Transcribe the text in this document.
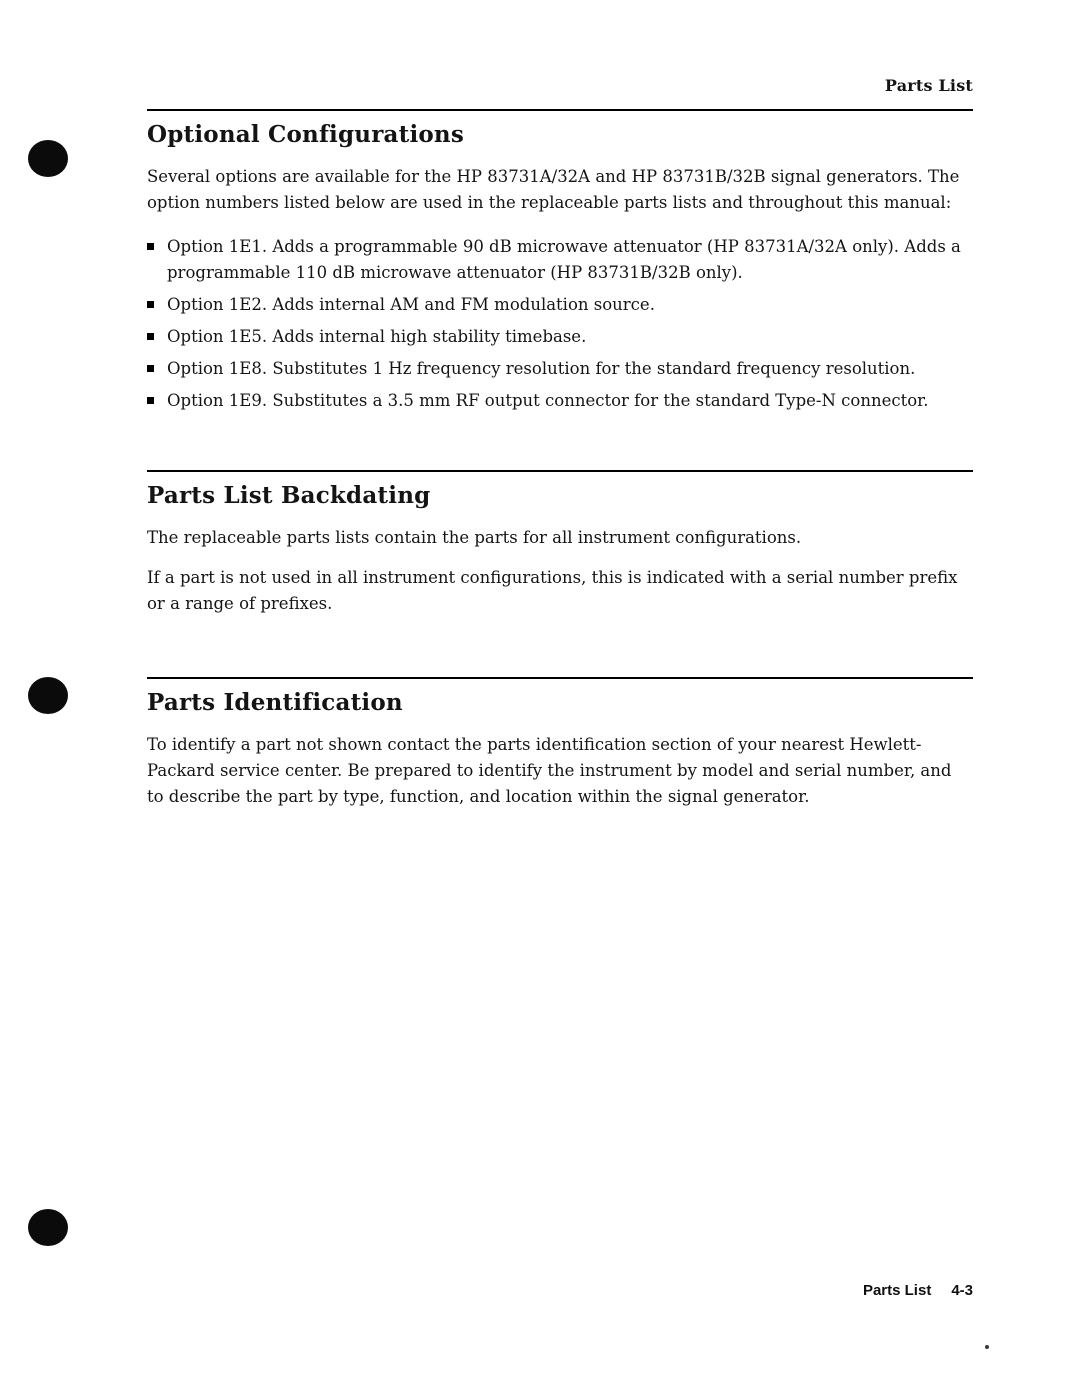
Parts List
Optional Configurations

Several options are available for the HP 83731A/32A and HP 83731B/32B signal generators. The option numbers listed below are used in the replaceable parts lists and throughout this manual:

Option 1E1. Adds a programmable 90 dB microwave attenuator (HP 83731A/32A only). Adds a programmable 110 dB microwave attenuator (HP 83731B/32B only).
Option 1E2. Adds internal AM and FM modulation source.
Option 1E5. Adds internal high stability timebase.
Option 1E8. Substitutes 1 Hz frequency resolution for the standard frequency resolution.
Option 1E9. Substitutes a 3.5 mm RF output connector for the standard Type-N connector.
Parts List Backdating

The replaceable parts lists contain the parts for all instrument configurations.

If a part is not used in all instrument configurations, this is indicated with a serial number prefix or a range of prefixes.

Parts Identification

To identify a part not shown contact the parts identification section of your nearest Hewlett-Packard service center. Be prepared to identify the instrument by model and serial number, and to describe the part by type, function, and location within the signal generator.

Parts List 4-3
